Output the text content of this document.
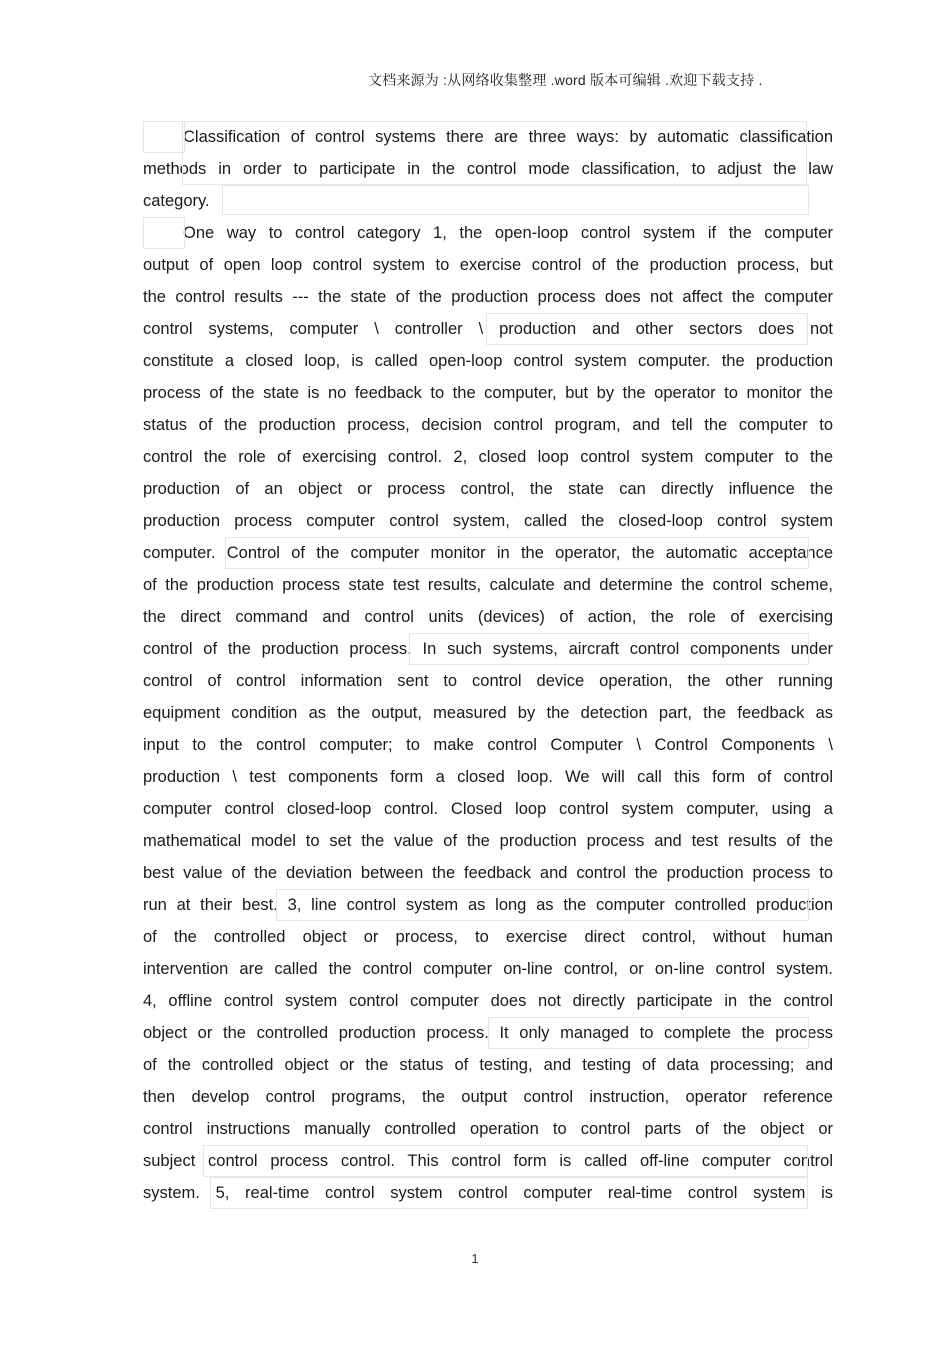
文档来源为 :从网络收集整理 .word 版本可编辑 .欢迎下载支持 .
Classification of control systems there are three ways: by automatic classification
methods in order to participate in the control mode classification, to adjust the law
category.
One way to control category 1, the open-loop control system if the computer
output of open loop control system to exercise control of the production process, but
the control results --- the state of the production process does not affect the computer
control systems, computer \ controller \ production and other sectors does not
constitute a closed loop, is called open-loop control system computer. the production
process of the state is no feedback to the computer, but by the operator to monitor the
status of the production process, decision control program, and tell the computer to
control the role of exercising control. 2, closed loop control system computer to the
production of an object or process control, the state can directly influence the
production process computer control system, called the closed-loop control system
computer. Control of the computer monitor in the operator, the automatic acceptance
of the production process state test results, calculate and determine the control scheme,
the direct command and control units (devices) of action, the role of exercising
control of the production process. In such systems, aircraft control components under
control of control information sent to control device operation, the other running
equipment condition as the output, measured by the detection part, the feedback as
input to the control computer; to make control Computer \ Control Components \
production \ test components form a closed loop. We will call this form of control
computer control closed-loop control. Closed loop control system computer, using a
mathematical model to set the value of the production process and test results of the
best value of the deviation between the feedback and control the production process to
run at their best. 3, line control system as long as the computer controlled production
of the controlled object or process, to exercise direct control, without human
intervention are called the control computer on-line control, or on-line control system.
4, offline control system control computer does not directly participate in the control
object or the controlled production process. It only managed to complete the process
of the controlled object or the status of testing, and testing of data processing; and
then develop control programs, the output control instruction, operator reference
control instructions manually controlled operation to control parts of the object or
subject control process control. This control form is called off-line computer control
system. 5, real-time control system control computer real-time control system is
1
